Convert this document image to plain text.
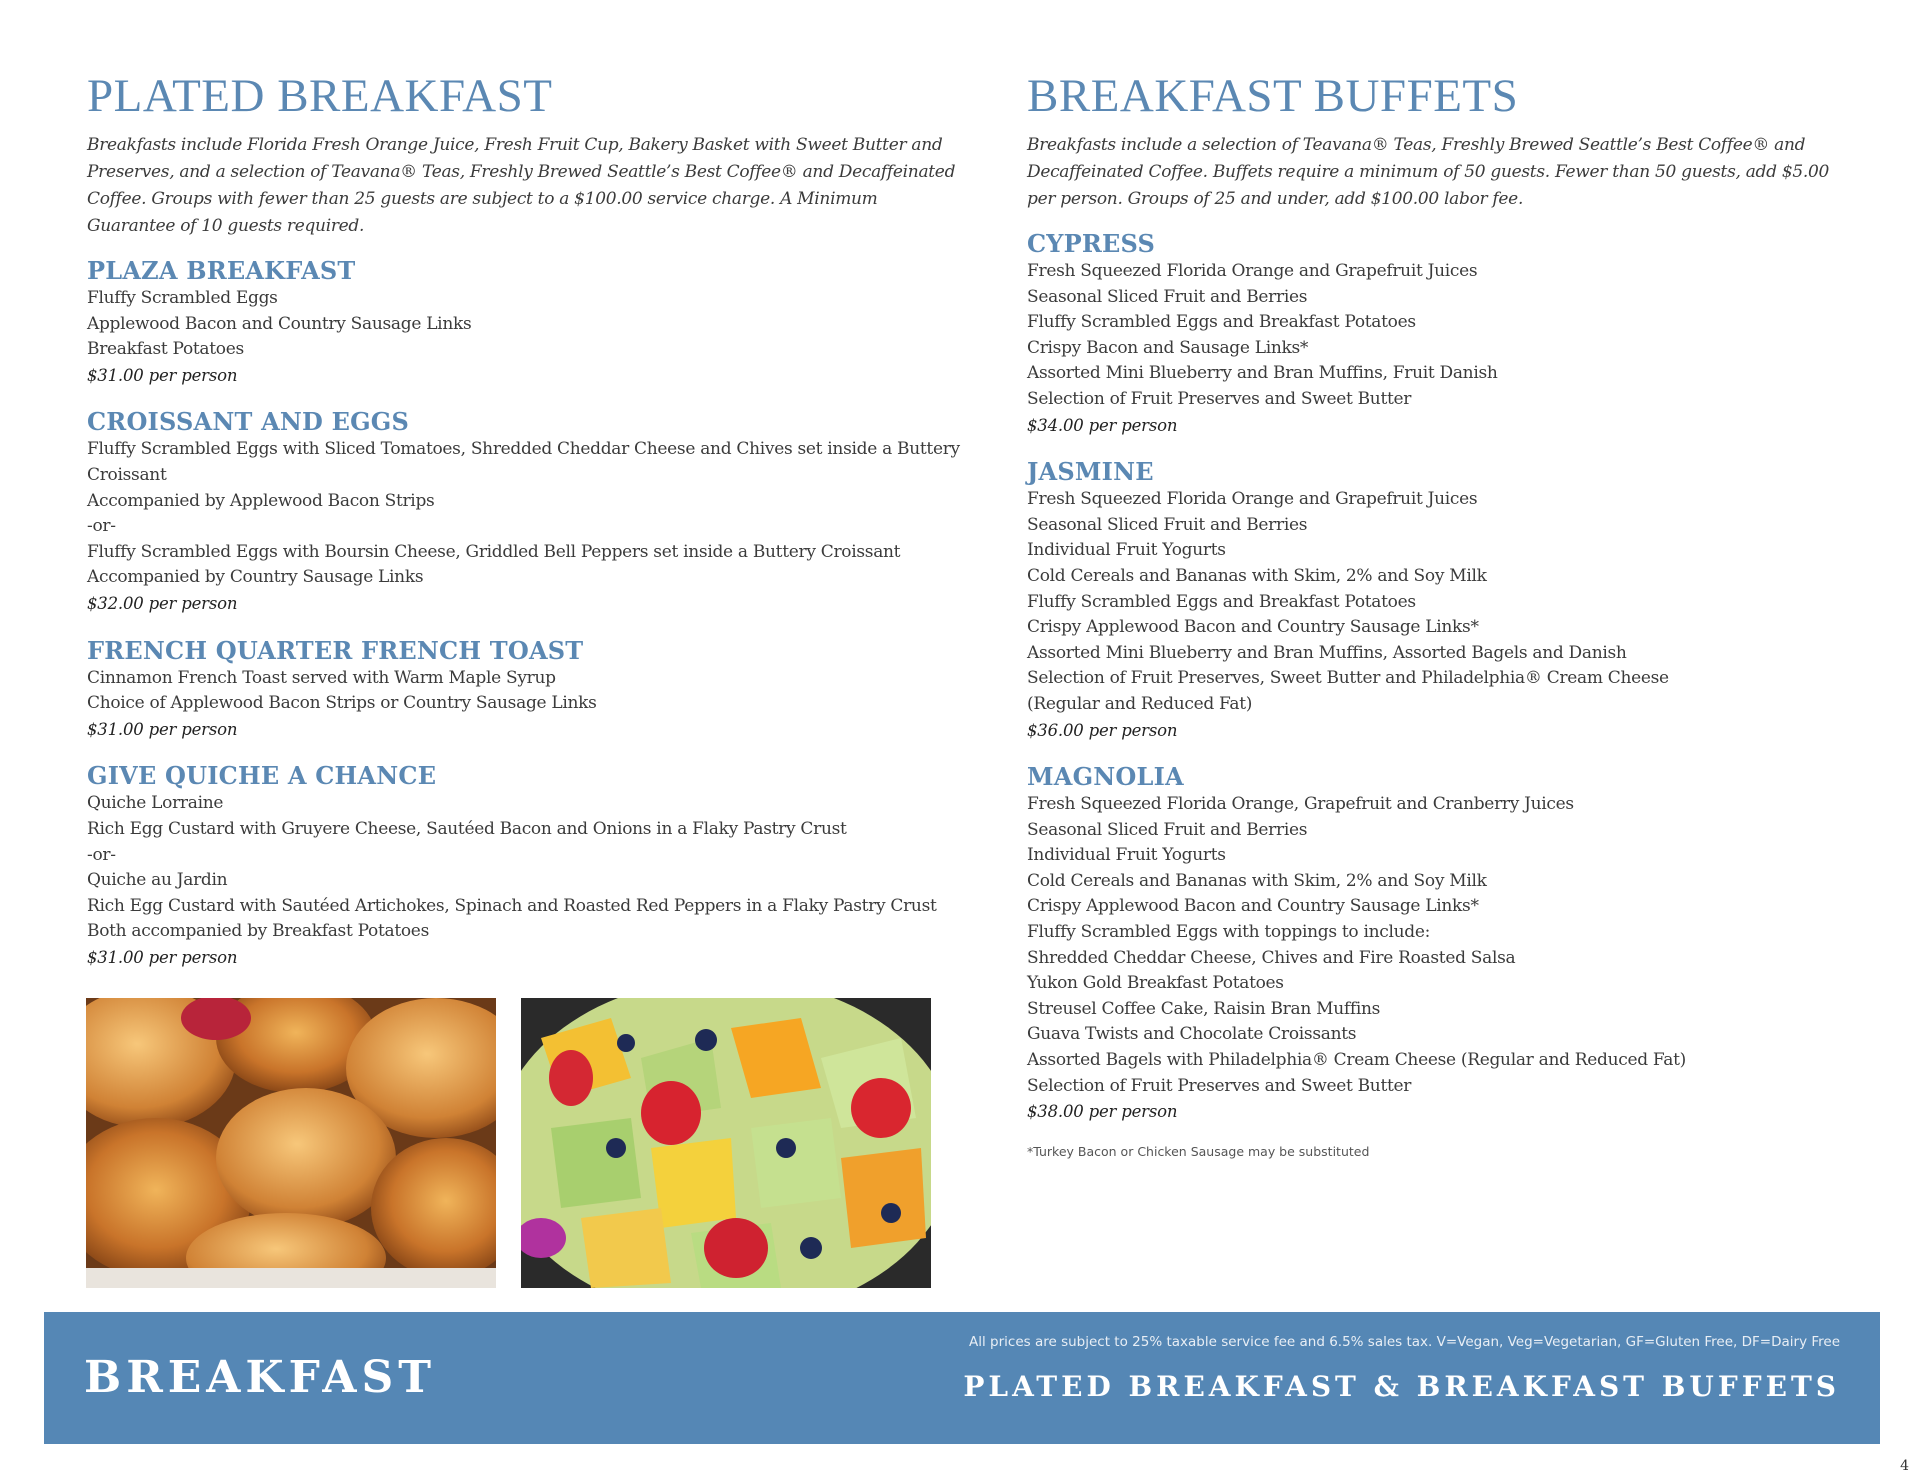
PLATED BREAKFAST

Breakfasts include Florida Fresh Orange Juice, Fresh Fruit Cup, Bakery Basket with Sweet Butter and Preserves, and a selection of Teavana® Teas, Freshly Brewed Seattle’s Best Coffee® and Decaffeinated Coffee. Groups with fewer than 25 guests are subject to a $100.00 service charge. A Minimum Guarantee of 10 guests required.

PLAZA BREAKFAST
Fluffy Scrambled Eggs
Applewood Bacon and Country Sausage Links
Breakfast Potatoes
$31.00 per person
CROISSANT AND EGGS
Fluffy Scrambled Eggs with Sliced Tomatoes, Shredded Cheddar Cheese and Chives set inside a Buttery Croissant
Accompanied by Applewood Bacon Strips
-or-
Fluffy Scrambled Eggs with Boursin Cheese, Griddled Bell Peppers set inside a Buttery Croissant
Accompanied by Country Sausage Links
$32.00 per person
FRENCH QUARTER FRENCH TOAST
Cinnamon French Toast served with Warm Maple Syrup
Choice of Applewood Bacon Strips or Country Sausage Links
$31.00 per person
GIVE QUICHE A CHANCE
Quiche Lorraine
Rich Egg Custard with Gruyere Cheese, Sautéed Bacon and Onions in a Flaky Pastry Crust
-or-
Quiche au Jardin
Rich Egg Custard with Sautéed Artichokes, Spinach and Roasted Red Peppers in a Flaky Pastry Crust
Both accompanied by Breakfast Potatoes
$31.00 per person
BREAKFAST BUFFETS

Breakfasts include a selection of Teavana® Teas, Freshly Brewed Seattle’s Best Coffee® and Decaffeinated Coffee. Buffets require a minimum of 50 guests. Fewer than 50 guests, add $5.00 per person. Groups of 25 and under, add $100.00 labor fee.

CYPRESS
Fresh Squeezed Florida Orange and Grapefruit Juices
Seasonal Sliced Fruit and Berries
Fluffy Scrambled Eggs and Breakfast Potatoes
Crispy Bacon and Sausage Links*
Assorted Mini Blueberry and Bran Muffins, Fruit Danish
Selection of Fruit Preserves and Sweet Butter
$34.00 per person
JASMINE
Fresh Squeezed Florida Orange and Grapefruit Juices
Seasonal Sliced Fruit and Berries
Individual Fruit Yogurts
Cold Cereals and Bananas with Skim, 2% and Soy Milk
Fluffy Scrambled Eggs and Breakfast Potatoes
Crispy Applewood Bacon and Country Sausage Links*
Assorted Mini Blueberry and Bran Muffins, Assorted Bagels and Danish
Selection of Fruit Preserves, Sweet Butter and Philadelphia® Cream Cheese
(Regular and Reduced Fat)
$36.00 per person
MAGNOLIA
Fresh Squeezed Florida Orange, Grapefruit and Cranberry Juices
Seasonal Sliced Fruit and Berries
Individual Fruit Yogurts
Cold Cereals and Bananas with Skim, 2% and Soy Milk
Crispy Applewood Bacon and Country Sausage Links*
Fluffy Scrambled Eggs with toppings to include:
Shredded Cheddar Cheese, Chives and Fire Roasted Salsa
Yukon Gold Breakfast Potatoes
Streusel Coffee Cake, Raisin Bran Muffins
Guava Twists and Chocolate Croissants
Assorted Bagels with Philadelphia® Cream Cheese (Regular and Reduced Fat)
Selection of Fruit Preserves and Sweet Butter
$38.00 per person
*Turkey Bacon or Chicken Sausage may be substituted
BREAKFAST
All prices are subject to 25% taxable service fee and 6.5% sales tax. V=Vegan, Veg=Vegetarian, GF=Gluten Free, DF=Dairy Free
PLATED BREAKFAST & BREAKFAST BUFFETS
4
